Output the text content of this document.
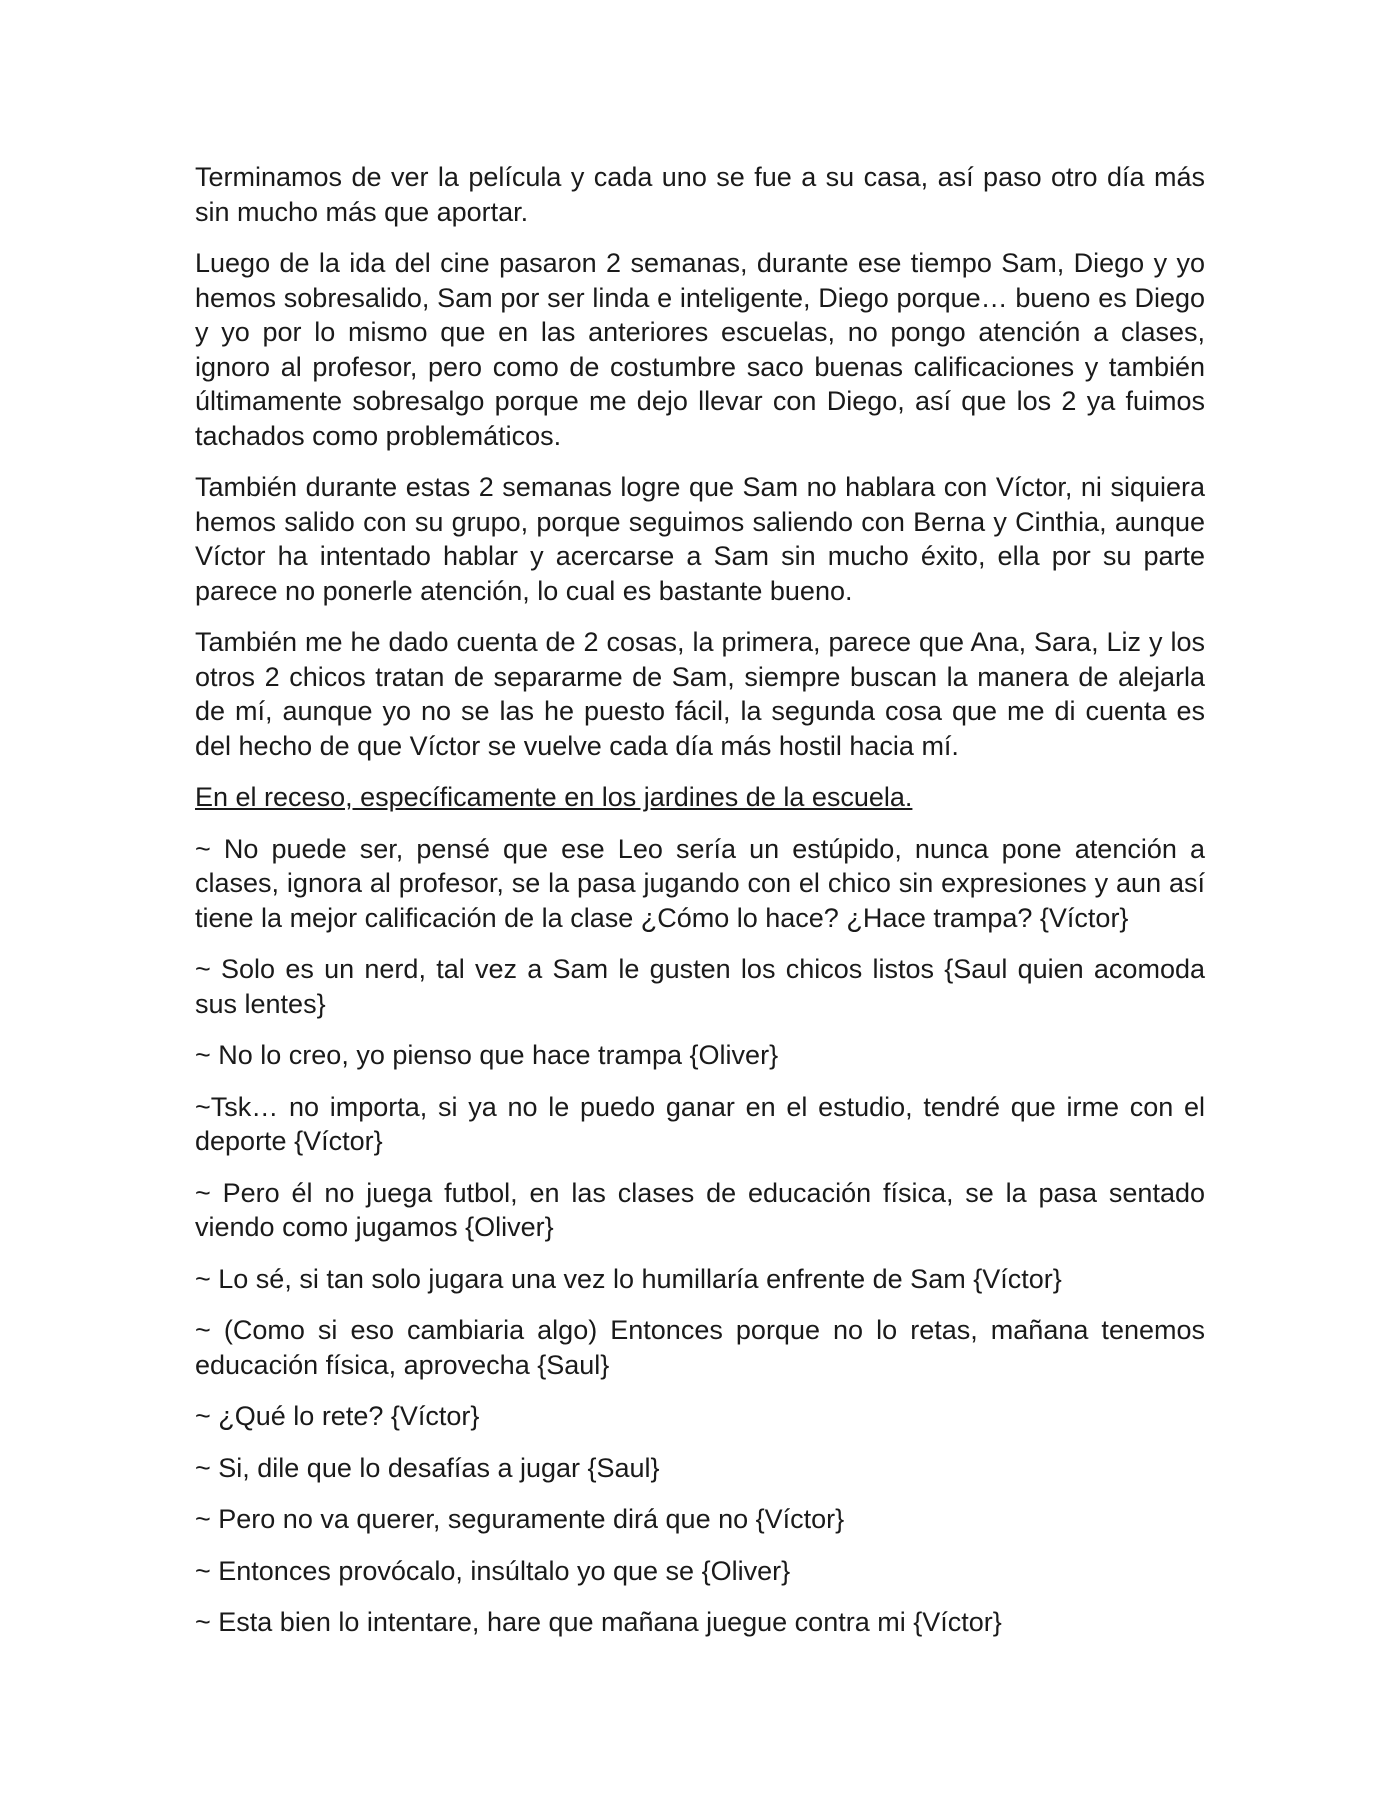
Terminamos de ver la película y cada uno se fue a su casa, así paso otro día más sin mucho más que aportar.

Luego de la ida del cine pasaron 2 semanas, durante ese tiempo Sam, Diego y yo hemos sobresalido, Sam por ser linda e inteligente, Diego porque… bueno es Diego y yo por lo mismo que en las anteriores escuelas, no pongo atención a clases, ignoro al profesor, pero como de costumbre saco buenas calificaciones y también últimamente sobresalgo porque me dejo llevar con Diego, así que los 2 ya fuimos tachados como problemáticos.

También durante estas 2 semanas logre que Sam no hablara con Víctor, ni siquiera hemos salido con su grupo, porque seguimos saliendo con Berna y Cinthia, aunque Víctor ha intentado hablar y acercarse a Sam sin mucho éxito, ella por su parte parece no ponerle atención, lo cual es bastante bueno.

También me he dado cuenta de 2 cosas, la primera, parece que Ana, Sara, Liz y los otros 2 chicos tratan de separarme de Sam, siempre buscan la manera de alejarla de mí, aunque yo no se las he puesto fácil, la segunda cosa que me di cuenta es del hecho de que Víctor se vuelve cada día más hostil hacia mí.

En el receso, específicamente en los jardines de la escuela.

~ No puede ser, pensé que ese Leo sería un estúpido, nunca pone atención a clases, ignora al profesor, se la pasa jugando con el chico sin expresiones y aun así tiene la mejor calificación de la clase ¿Cómo lo hace? ¿Hace trampa? {Víctor}

~ Solo es un nerd, tal vez a Sam le gusten los chicos listos {Saul quien acomoda sus lentes}

~ No lo creo, yo pienso que hace trampa {Oliver}

~Tsk… no importa, si ya no le puedo ganar en el estudio, tendré que irme con el deporte {Víctor}

~ Pero él no juega futbol, en las clases de educación física, se la pasa sentado viendo como jugamos {Oliver}

~ Lo sé, si tan solo jugara una vez lo humillaría enfrente de Sam {Víctor}

~ (Como si eso cambiaria algo) Entonces porque no lo retas, mañana tenemos educación física, aprovecha {Saul}

~ ¿Qué lo rete? {Víctor}

~ Si, dile que lo desafías a jugar {Saul}

~ Pero no va querer, seguramente dirá que no {Víctor}

~ Entonces provócalo, insúltalo yo que se {Oliver}

~ Esta bien lo intentare, hare que mañana juegue contra mi {Víctor}
